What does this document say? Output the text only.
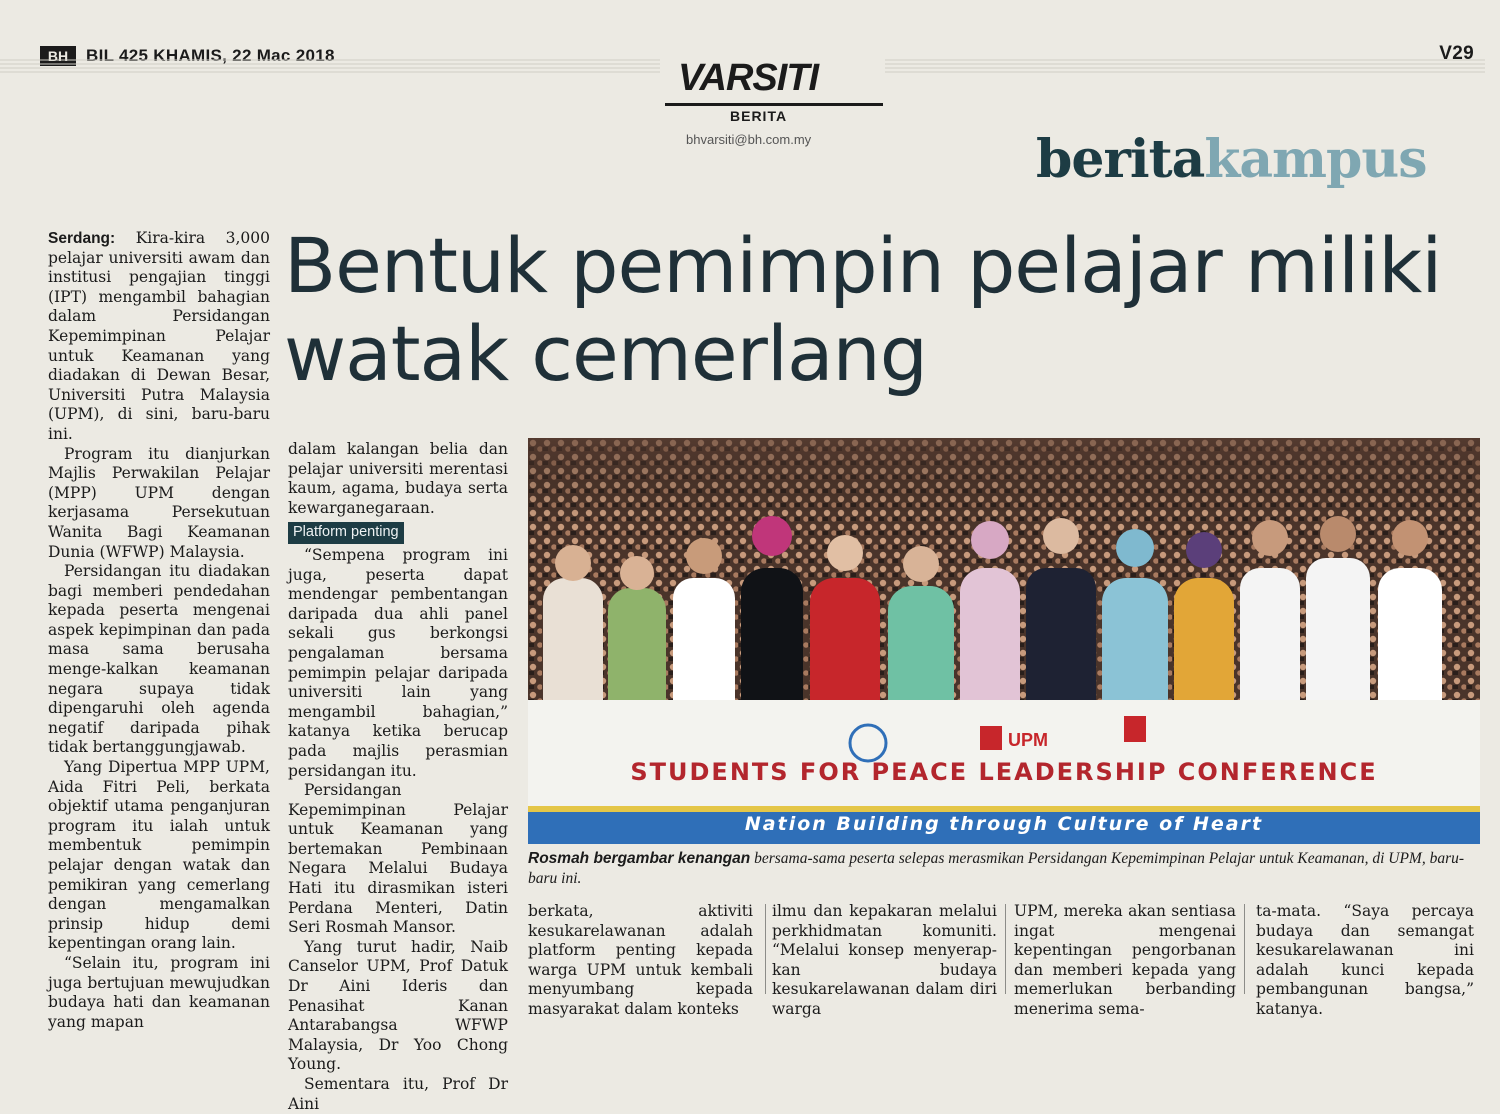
BH	BIL 425 KHAMIS, 22 Mac 2018	V29
VARSITI
BERITA
bhvarsiti@bh.com.my	beritakampus
Bentuk pemimpin pelajar miliki
watak cemerlang

Serdang: Kira-kira 3,000 pelajar universiti awam dan institusi pengajian tinggi (IPT) mengambil bahagian dalam Persidangan Kepemimpinan Pelajar untuk Keamanan yang diadakan di Dewan Besar, Universiti Putra Malaysia (UPM), di sini, baru-baru ini.

Program itu dianjurkan Majlis Perwakilan Pelajar (MPP) UPM dengan kerjasama Persekutuan Wanita Bagi Keamanan Dunia (WFWP) Malaysia.

Persidangan itu diadakan bagi memberi pendedahan kepada peserta mengenai aspek kepimpinan dan pada masa sama berusaha menge-kalkan keamanan negara supaya tidak dipengaruhi oleh agenda negatif daripada pihak tidak bertanggungjawab.

Yang Dipertua MPP UPM, Aida Fitri Peli, berkata objektif utama penganjuran program itu ialah untuk membentuk pemimpin pelajar dengan watak dan pemikiran yang cemerlang dengan mengamalkan prinsip hidup demi kepentingan orang lain.

“Selain itu, program ini juga bertujuan mewujudkan budaya hati dan keamanan yang mapan

dalam kalangan belia dan pelajar universiti merentasi kaum, agama, budaya serta kewarganegaraan.

Platform penting

“Sempena program ini juga, peserta dapat mendengar pembentangan daripada dua ahli panel sekali gus berkongsi pengalaman bersama pemimpin pelajar daripada universiti lain yang mengambil bahagian,” katanya ketika berucap pada majlis perasmian persidangan itu.

Persidangan Kepemimpinan Pelajar untuk Keamanan yang bertemakan Pembinaan Negara Melalui Budaya Hati itu dirasmikan isteri Perdana Menteri, Datin Seri Rosmah Mansor.

Yang turut hadir, Naib Canselor UPM, Prof Datuk Dr Aini Ideris dan Penasihat Kanan Antarabangsa WFWP Malaysia, Dr Yoo Chong Young.

Sementara itu, Prof Dr Aini

STUDENTS FOR PEACE LEADERSHIP CONFERENCE
Nation Building through Culture of Heart
UPM
Rosmah bergambar kenangan bersama-sama peserta selepas merasmikan Persidangan Kepemimpinan Pelajar untuk Keamanan, di UPM, baru-baru ini.

berkata, aktiviti kesukarelawanan adalah platform penting kepada warga UPM untuk kembali menyumbang kepada masyarakat dalam konteks

ilmu dan kepakaran melalui perkhidmatan komuniti. “Melalui konsep menyerap-kan budaya kesukarelawanan dalam diri warga

UPM, mereka akan sentiasa ingat mengenai kepentingan pengorbanan dan memberi kepada yang memerlukan berbanding menerima sema-

ta-mata. “Saya percaya budaya dan semangat kesukarelawanan ini adalah kunci kepada pembangunan bangsa,” katanya.
